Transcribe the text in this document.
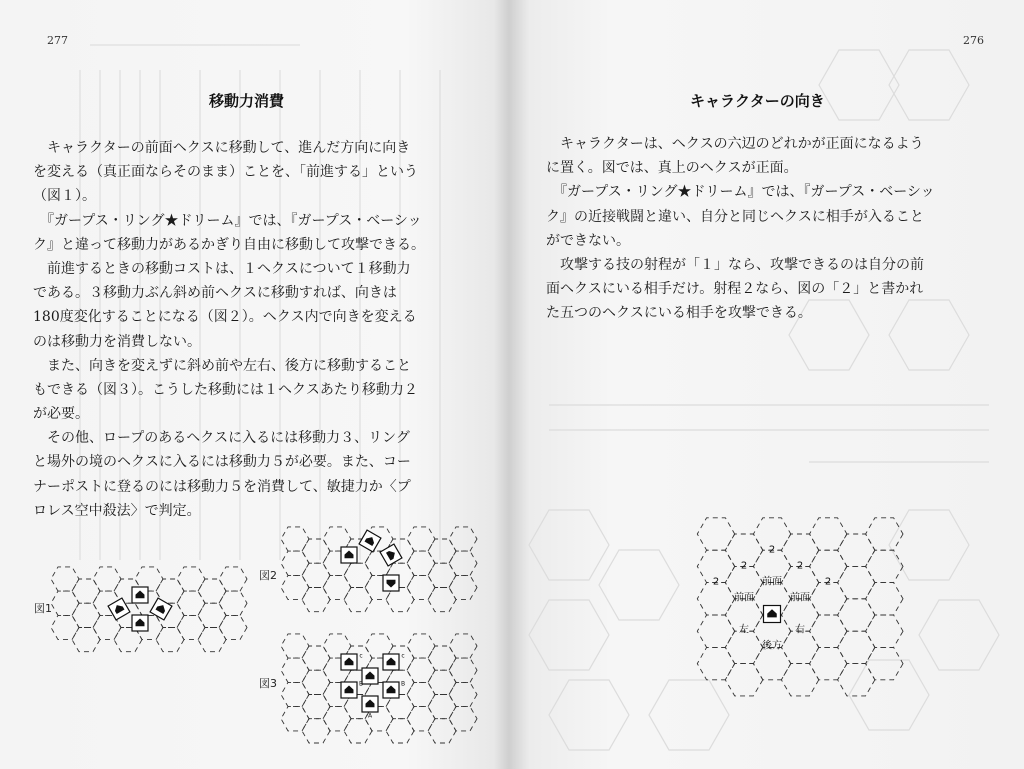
277
移動力消費
　キャラクターの前面ヘクスに移動して、進んだ方向に向き
を変える（真正面ならそのまま）ことを、「前進する」という
（図１）。
　『ガープス・リング★ドリーム』では、『ガープス・ベーシッ
ク』と違って移動力があるかぎり自由に移動して攻撃できる。
　前進するときの移動コストは、１ヘクスについて１移動力
である。３移動力ぶん斜め前ヘクスに移動すれば、向きは
180度変化することになる（図２）。ヘクス内で向きを変える
のは移動力を消費しない。
　また、向きを変えずに斜め前や左右、後方に移動すること
もできる（図３）。こうした移動には１ヘクスあたり移動力２
が必要。
　その他、ロープのあるヘクスに入るには移動力３、リング
と場外の境のヘクスに入るには移動力５が必要。また、コー
ナーポストに登るのには移動力５を消費して、敏捷力か〈プ
ロレス空中殺法〉で判定。
図1
図2
図3
c	c
B	B
A
276
キャラクターの向き
　キャラクターは、ヘクスの六辺のどれかが正面になるよう
に置く。図では、真上のヘクスが正面。
　『ガープス・リング★ドリーム』では、『ガープス・ベーシッ
ク』の近接戦闘と違い、自分と同じヘクスに相手が入ること
ができない。
　攻撃する技の射程が「１」なら、攻撃できるのは自分の前
面ヘクスにいる相手だけ。射程２なら、図の「２」と書かれ
た五つのヘクスにいる相手を攻撃できる。
2
2	2
2	2
前面
前面	前面
左	右
後方
